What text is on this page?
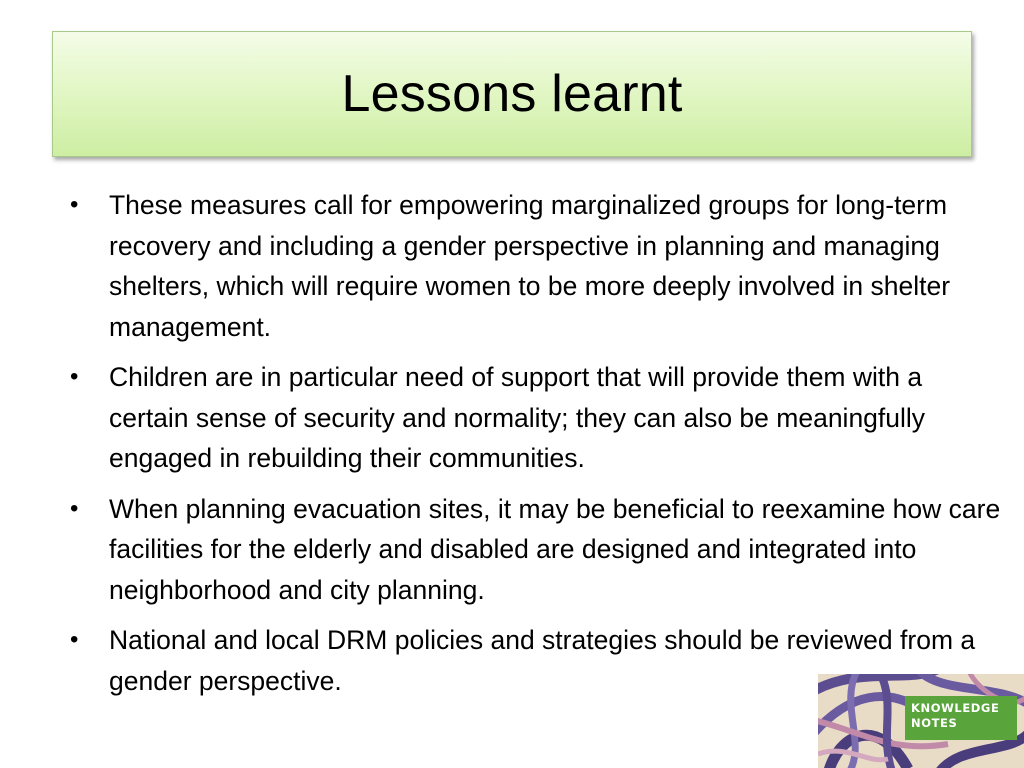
Lessons learnt
• These measures call for empowering marginalized groups for long-term recovery and including a gender perspective in planning and managing shelters, which will require women to be more deeply involved in shelter management.
• Children are in particular need of support that will provide them with a certain sense of security and normality; they can also be meaningfully engaged in rebuilding their communities.
• When planning evacuation sites, it may be beneficial to reexamine how care facilities for the elderly and disabled are designed and integrated into neighborhood and city planning.
• National and local DRM policies and strategies should be reviewed from a gender perspective.
KNOWLEDGE
NOTES
